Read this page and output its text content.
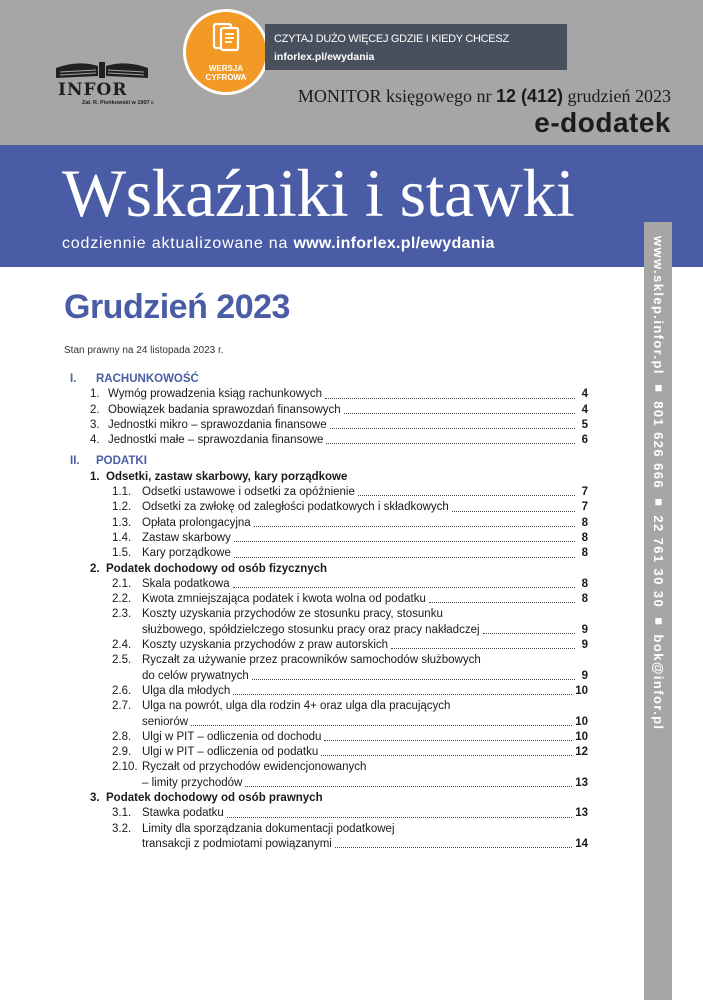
INFOR
Zał. R. Pieńkowski w 1907 r.
WERSJA
CYFROWA
CZYTAJ DUŻO WIĘCEJ GDZIE I KIEDY CHCESZ
inforlex.pl/ewydania
MONITOR księgowego nr 12 (412) grudzień 2023
e-dodatek
Wskaźniki i stawki
codziennie aktualizowane na www.inforlex.pl/ewydania	www.sklep.infor.pl ■ 801 626 666 ■ 22 761 30 30 ■ bok@infor.pl
Grudzień 2023
Stan prawny na 24 listopada 2023 r.
I. RACHUNKOWOŚĆ
1. Wymóg prowadzenia ksiąg rachunkowych	4
2. Obowiązek badania sprawozdań finansowych	4
3. Jednostki mikro – sprawozdania finansowe	5
4. Jednostki małe – sprawozdania finansowe	6
II. PODATKI
1. Odsetki, zastaw skarbowy, kary porządkowe
1.1. Odsetki ustawowe i odsetki za opóźnienie	7
1.2. Odsetki za zwłokę od zaległości podatkowych i składkowych	7
1.3. Opłata prolongacyjna	8
1.4. Zastaw skarbowy	8
1.5. Kary porządkowe	8
2. Podatek dochodowy od osób fizycznych
2.1. Skala podatkowa	8
2.2. Kwota zmniejszająca podatek i kwota wolna od podatku	8
2.3. Koszty uzyskania przychodów ze stosunku pracy, stosunku
służbowego, spółdzielczego stosunku pracy oraz pracy nakładczej	9
2.4. Koszty uzyskania przychodów z praw autorskich	9
2.5. Ryczałt za używanie przez pracowników samochodów służbowych
do celów prywatnych	9
2.6. Ulga dla młodych	10
2.7. Ulga na powrót, ulga dla rodzin 4+ oraz ulga dla pracujących
seniorów	10
2.8. Ulgi w PIT – odliczenia od dochodu	10
2.9. Ulgi w PIT – odliczenia od podatku	12
2.10. Ryczałt od przychodów ewidencjonowanych
– limity przychodów	13
3. Podatek dochodowy od osób prawnych
3.1. Stawka podatku	13
3.2. Limity dla sporządzania dokumentacji podatkowej
transakcji z podmiotami powiązanymi	14
